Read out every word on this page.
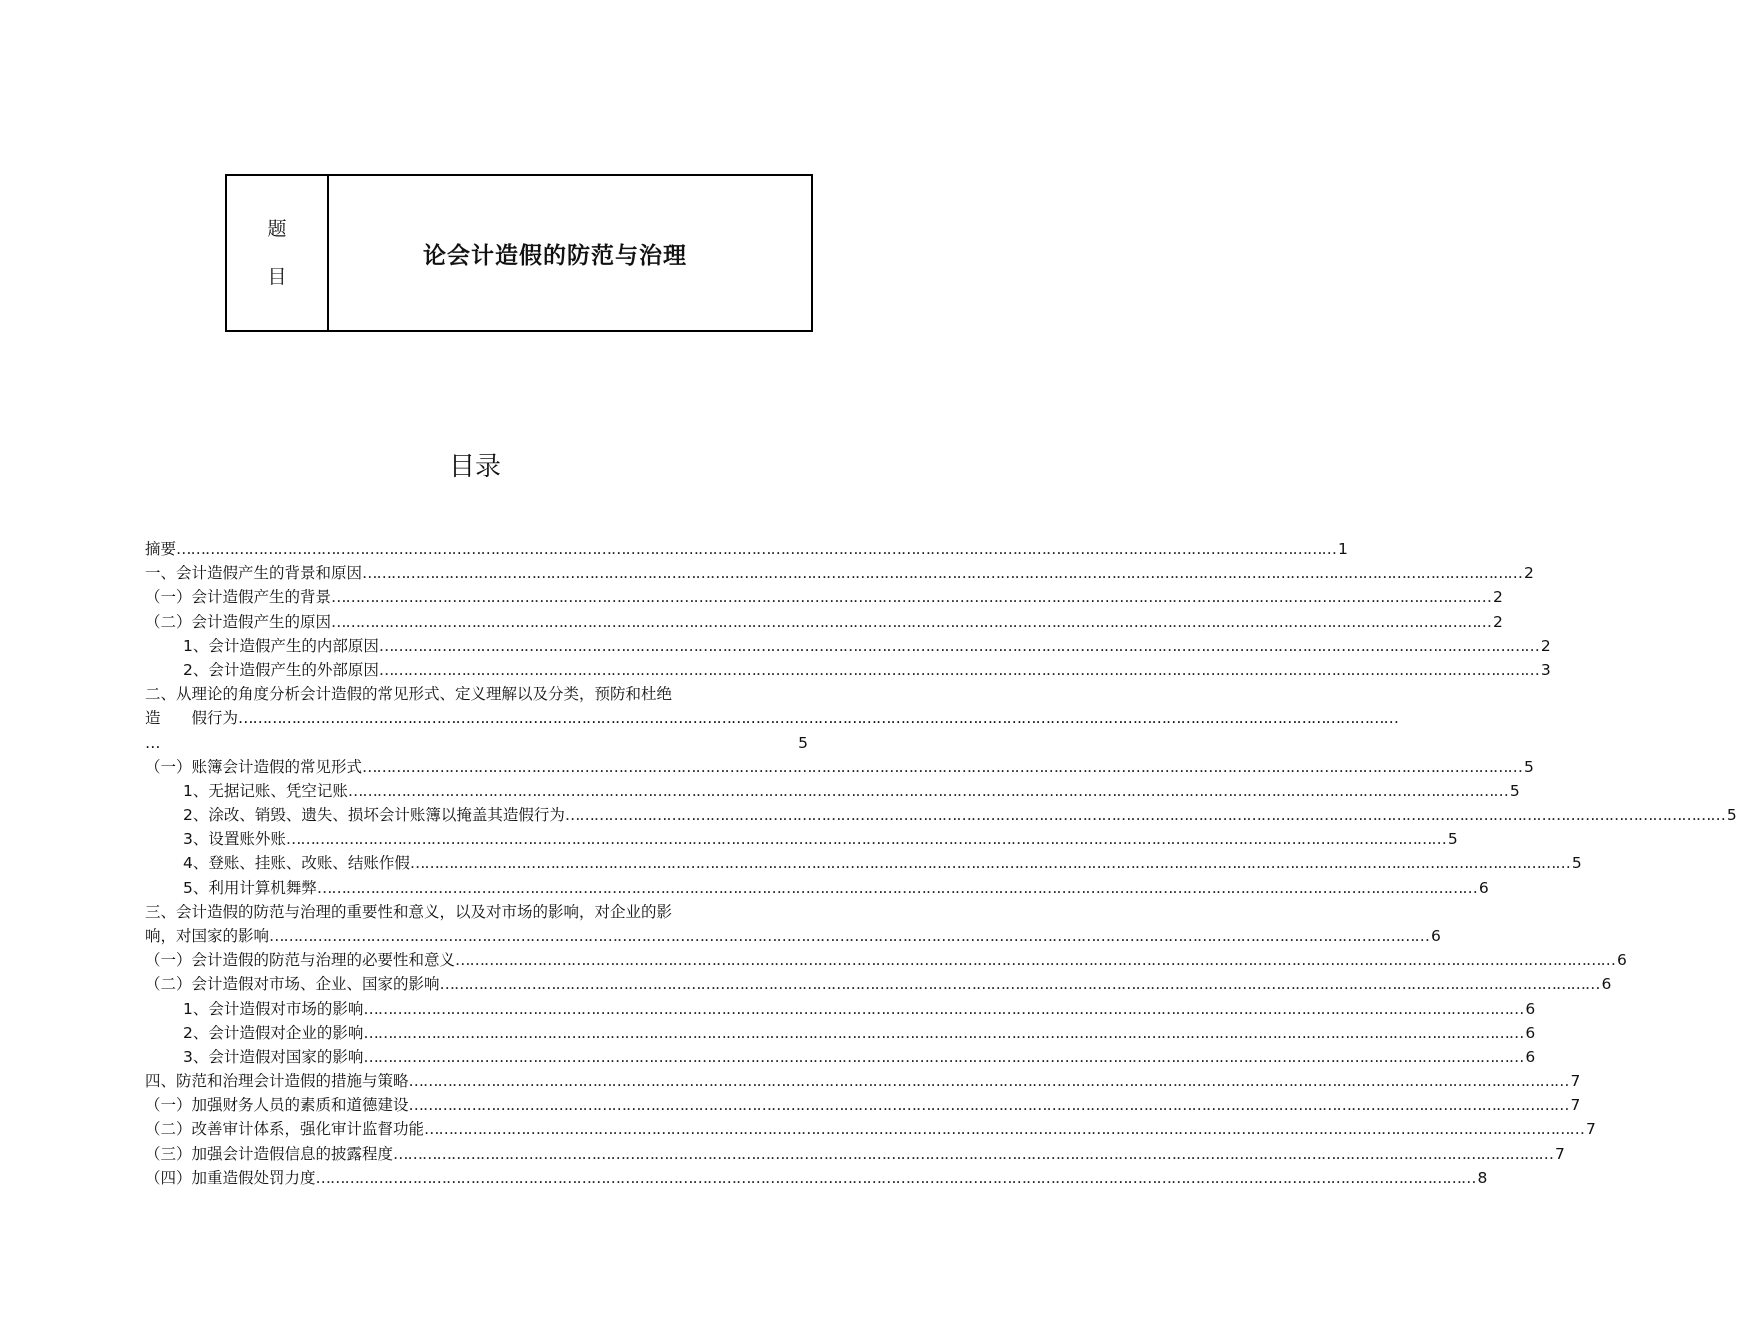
题
目
论会计造假的防范与治理
目录
摘要 …………………………………………………………………………………………………………………………………………………………………………………………………………………… 1
一、会计造假产生的背景和原因 …………………………………………………………………………………………………………………………………………………………………………………………………………………… 2
（一）会计造假产生的背景 …………………………………………………………………………………………………………………………………………………………………………………………………………………… 2
（二）会计造假产生的原因 …………………………………………………………………………………………………………………………………………………………………………………………………………………… 2
1、会计造假产生的内部原因 …………………………………………………………………………………………………………………………………………………………………………………………………………………… 2
2、会计造假产生的外部原因 …………………………………………………………………………………………………………………………………………………………………………………………………………………… 3
二、从理论的角度分析会计造假的常见形式、定义理解以及分类，预防和杜绝
造　　假行为 ……………………………………………………………………………………………………………………………………………………………………………………………………………………
…	5
（一）账簿会计造假的常见形式 …………………………………………………………………………………………………………………………………………………………………………………………………………………… 5
1、无据记账、凭空记账 …………………………………………………………………………………………………………………………………………………………………………………………………………………… 5
2、涂改、销毁、遗失、损坏会计账簿以掩盖其造假行为 …………………………………………………………………………………………………………………………………………………………………………………………………………………… 5
3、设置账外账 …………………………………………………………………………………………………………………………………………………………………………………………………………………… 5
4、登账、挂账、改账、结账作假 …………………………………………………………………………………………………………………………………………………………………………………………………………………… 5
5、利用计算机舞弊 …………………………………………………………………………………………………………………………………………………………………………………………………………………… 6
三、会计造假的防范与治理的重要性和意义，以及对市场的影响，对企业的影
响，对国家的影响 …………………………………………………………………………………………………………………………………………………………………………………………………………………… 6
（一）会计造假的防范与治理的必要性和意义 …………………………………………………………………………………………………………………………………………………………………………………………………………………… 6
（二）会计造假对市场、企业、国家的影响 …………………………………………………………………………………………………………………………………………………………………………………………………………………… 6
1、会计造假对市场的影响 …………………………………………………………………………………………………………………………………………………………………………………………………………………… 6
2、会计造假对企业的影响 …………………………………………………………………………………………………………………………………………………………………………………………………………………… 6
3、会计造假对国家的影响 …………………………………………………………………………………………………………………………………………………………………………………………………………………… 6
四、防范和治理会计造假的措施与策略 …………………………………………………………………………………………………………………………………………………………………………………………………………………… 7
（一）加强财务人员的素质和道德建设 …………………………………………………………………………………………………………………………………………………………………………………………………………………… 7
（二）改善审计体系，强化审计监督功能 …………………………………………………………………………………………………………………………………………………………………………………………………………………… 7
（三）加强会计造假信息的披露程度 …………………………………………………………………………………………………………………………………………………………………………………………………………………… 7
（四）加重造假处罚力度 …………………………………………………………………………………………………………………………………………………………………………………………………………………… 8
